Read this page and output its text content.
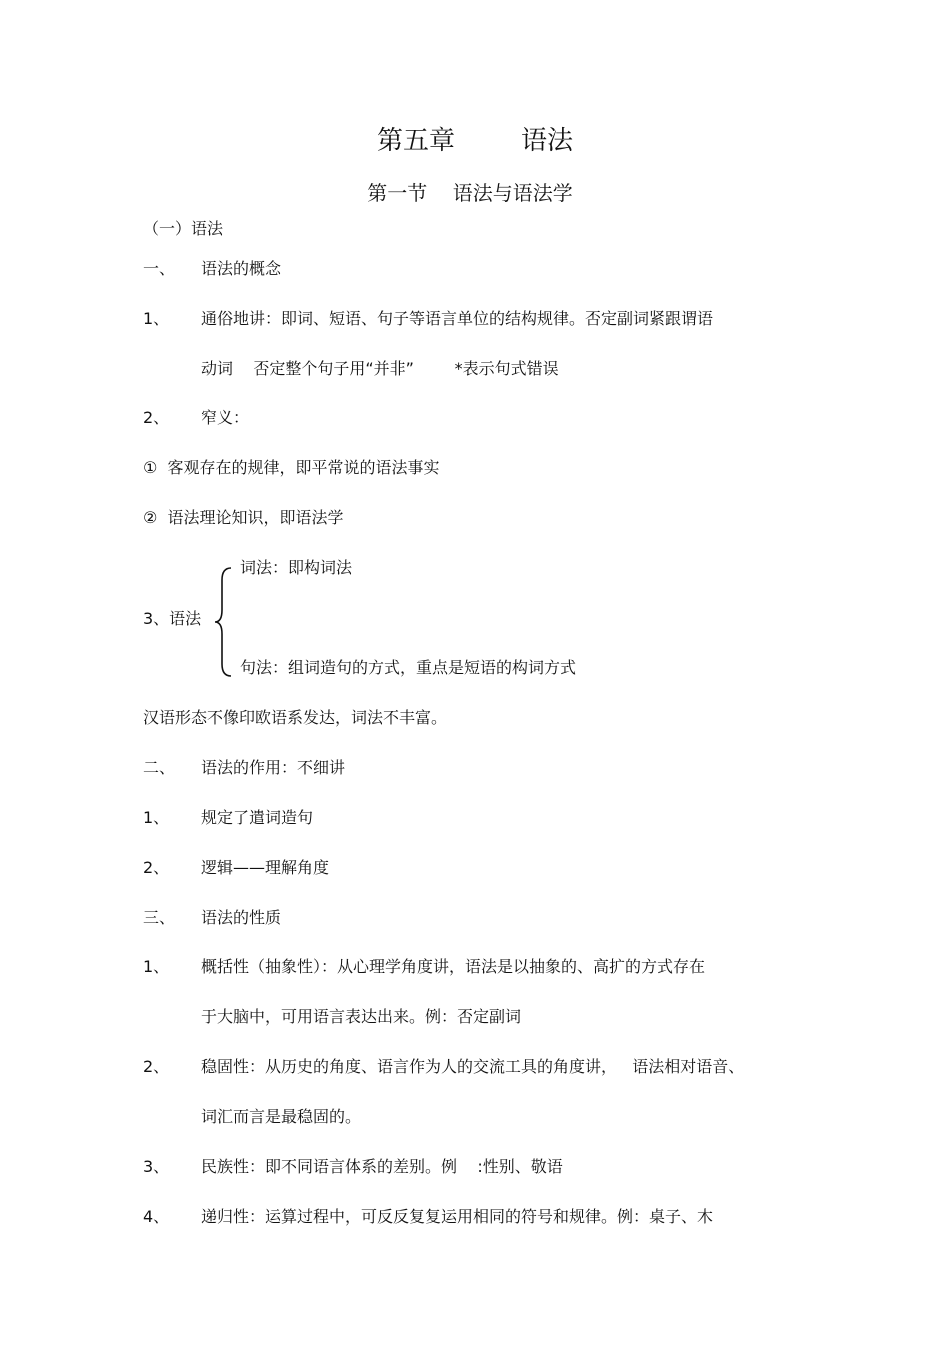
第五章        语法
第一节    语法与语法学
（一）语法
一、 语法的概念
1、 通俗地讲：即词、短语、句子等语言单位的结构规律。否定副词紧跟谓语
动词    否定整个句子用“并非”        *表示句式错误
2、 窄义：
①  客观存在的规律，即平常说的语法事实
②  语法理论知识，即语法学
词法：即构词法
3、语法
句法：组词造句的方式，重点是短语的构词方式
汉语形态不像印欧语系发达，词法不丰富。
二、 语法的作用：不细讲
1、 规定了遣词造句
2、 逻辑——理解角度
三、 语法的性质
1、 概括性（抽象性）：从心理学角度讲，语法是以抽象的、高扩的方式存在
于大脑中，可用语言表达出来。例：否定副词
2、 稳固性：从历史的角度、语言作为人的交流工具的角度讲，   语法相对语音、
词汇而言是最稳固的。
3、 民族性：即不同语言体系的差别。例    :性别、敬语
4、 递归性：运算过程中，可反反复复运用相同的符号和规律。例：桌子、木
